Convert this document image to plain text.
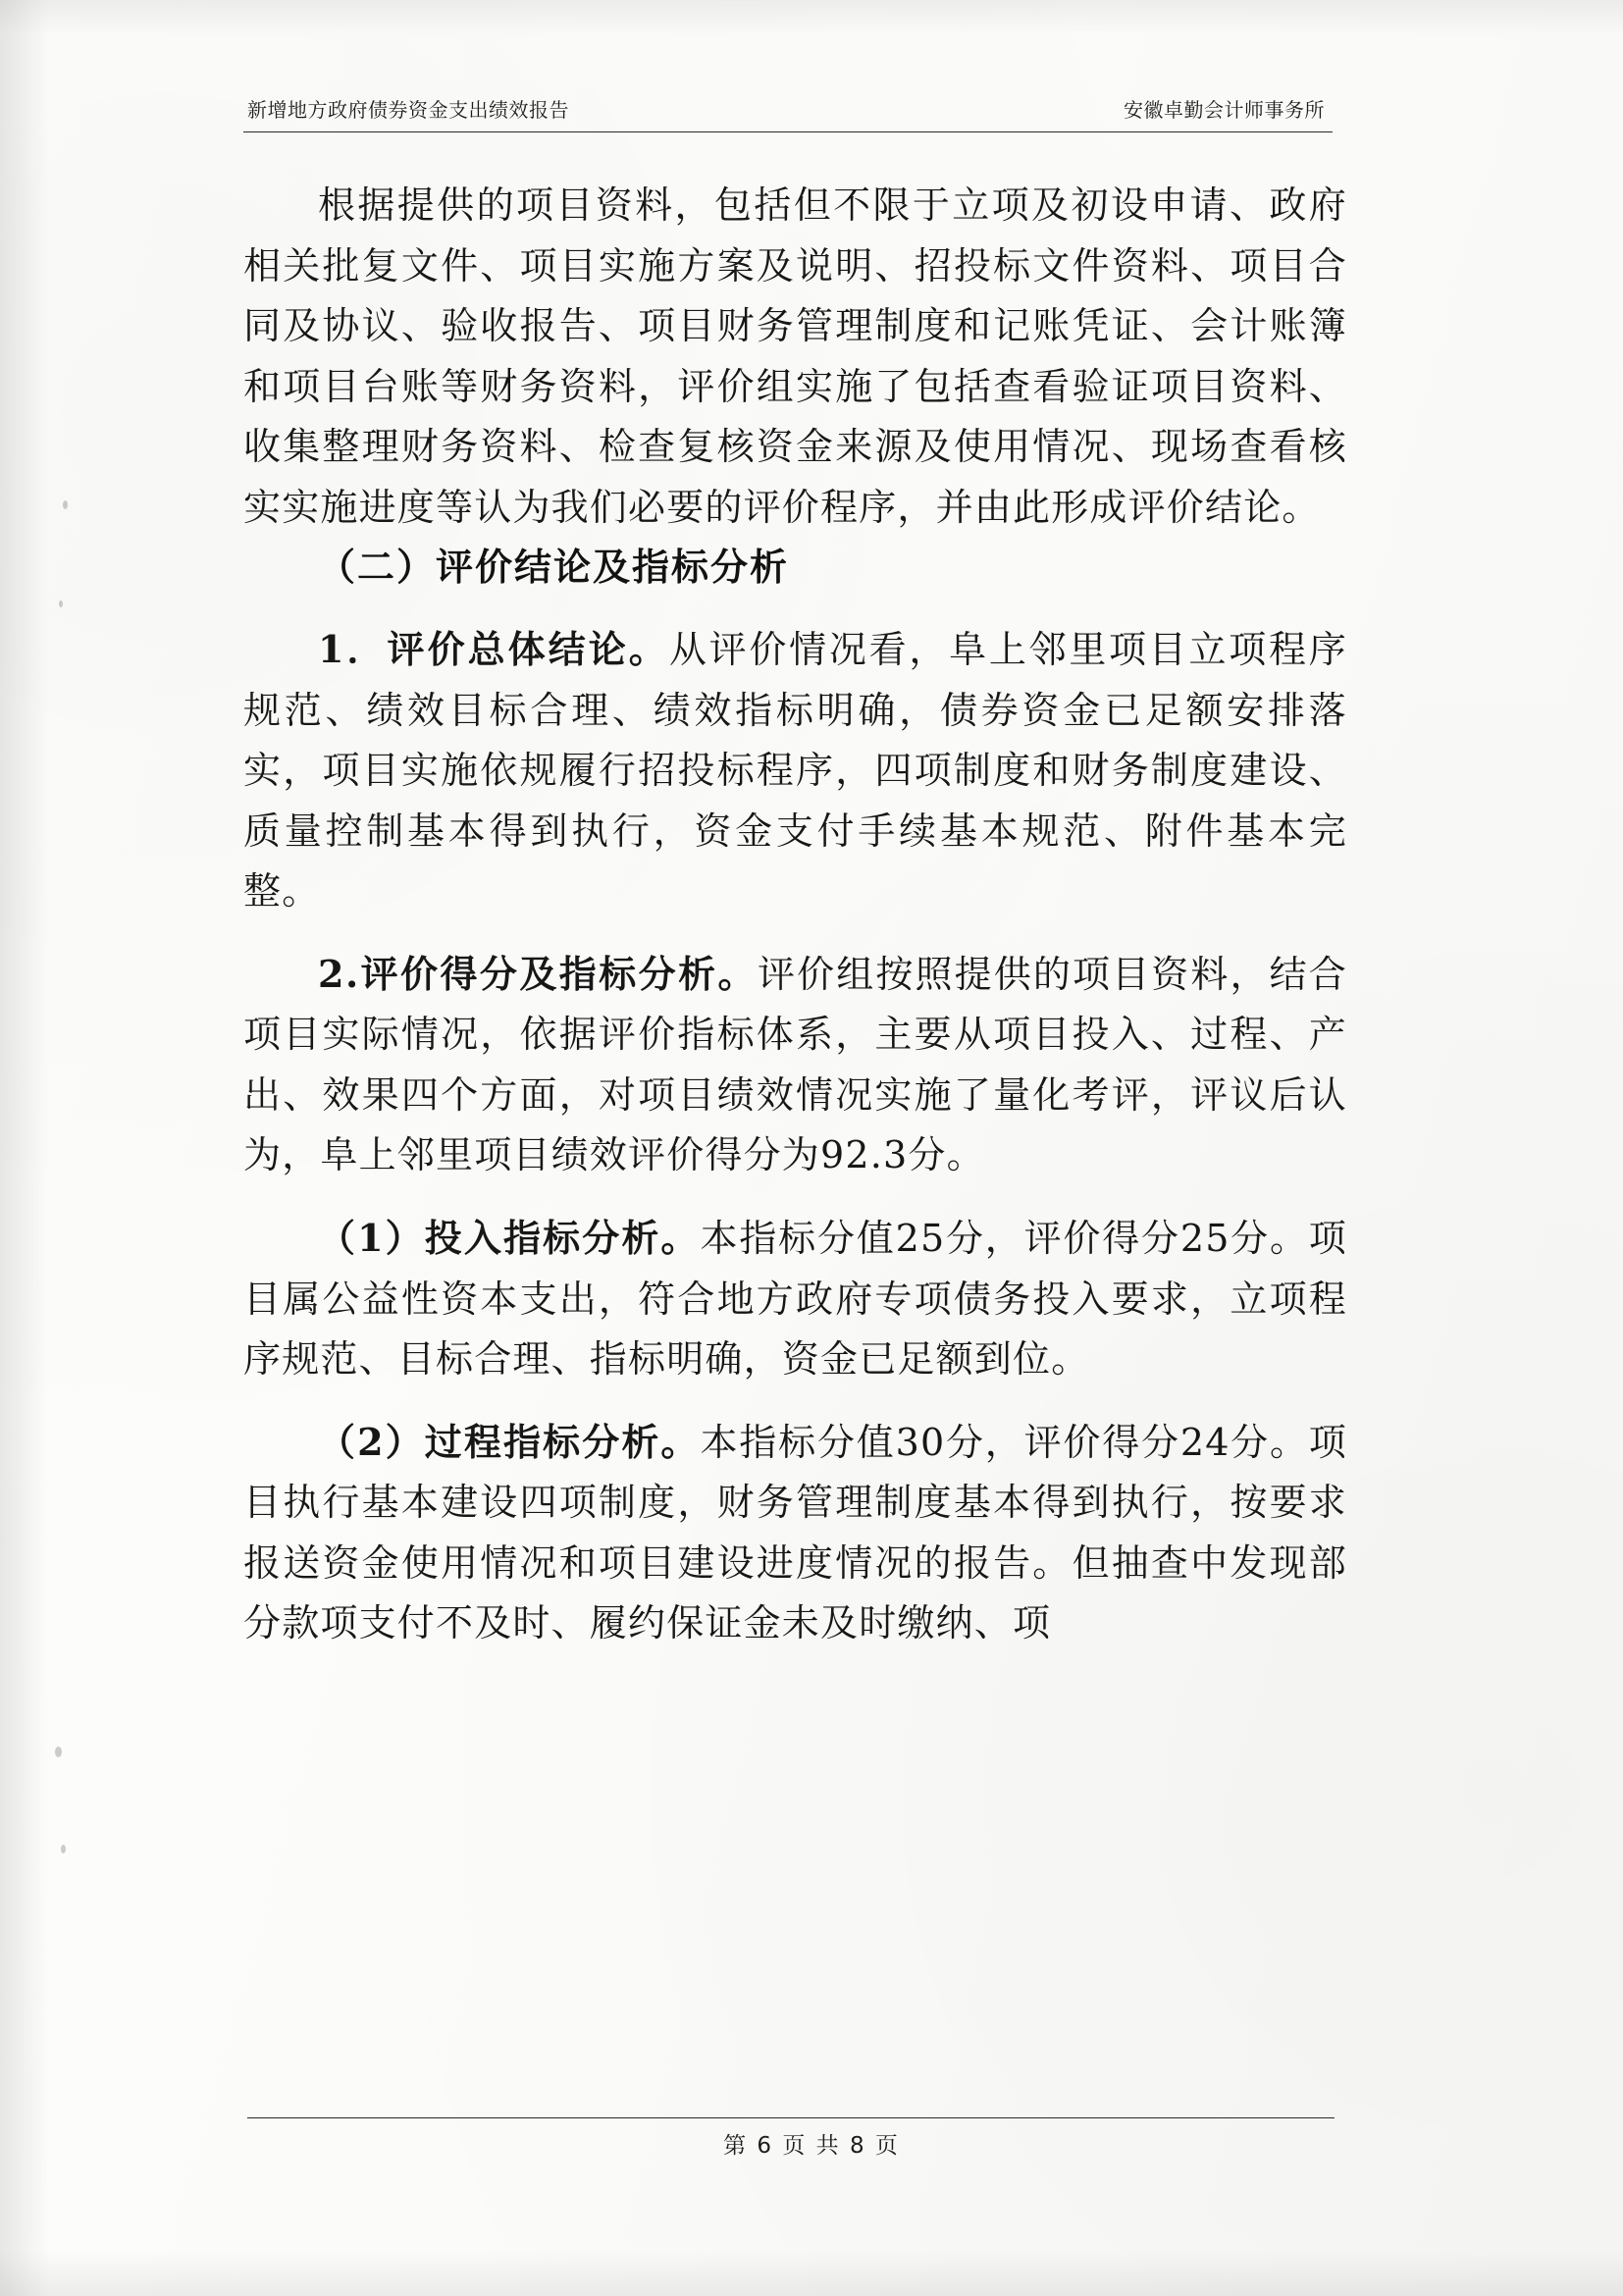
新增地方政府债券资金支出绩效报告	安徽卓勤会计师事务所

根据提供的项目资料，包括但不限于立项及初设申请、政府相关批复文件、项目实施方案及说明、招投标文件资料、项目合同及协议、验收报告、项目财务管理制度和记账凭证、会计账簿和项目台账等财务资料，评价组实施了包括查看验证项目资料、收集整理财务资料、检查复核资金来源及使用情况、现场查看核实实施进度等认为我们必要的评价程序，并由此形成评价结论。

（二）评价结论及指标分析

1．评价总体结论。从评价情况看，阜上邻里项目立项程序规范、绩效目标合理、绩效指标明确，债券资金已足额安排落实，项目实施依规履行招投标程序，四项制度和财务制度建设、质量控制基本得到执行，资金支付手续基本规范、附件基本完整。

2.评价得分及指标分析。评价组按照提供的项目资料，结合项目实际情况，依据评价指标体系，主要从项目投入、过程、产出、效果四个方面，对项目绩效情况实施了量化考评，评议后认为，阜上邻里项目绩效评价得分为92.3分。

（1）投入指标分析。本指标分值25分，评价得分25分。项目属公益性资本支出，符合地方政府专项债务投入要求，立项程序规范、目标合理、指标明确，资金已足额到位。

（2）过程指标分析。本指标分值30分，评价得分24分。项目执行基本建设四项制度，财务管理制度基本得到执行，按要求报送资金使用情况和项目建设进度情况的报告。但抽查中发现部分款项支付不及时、履约保证金未及时缴纳、项

第 6 页 共 8 页
